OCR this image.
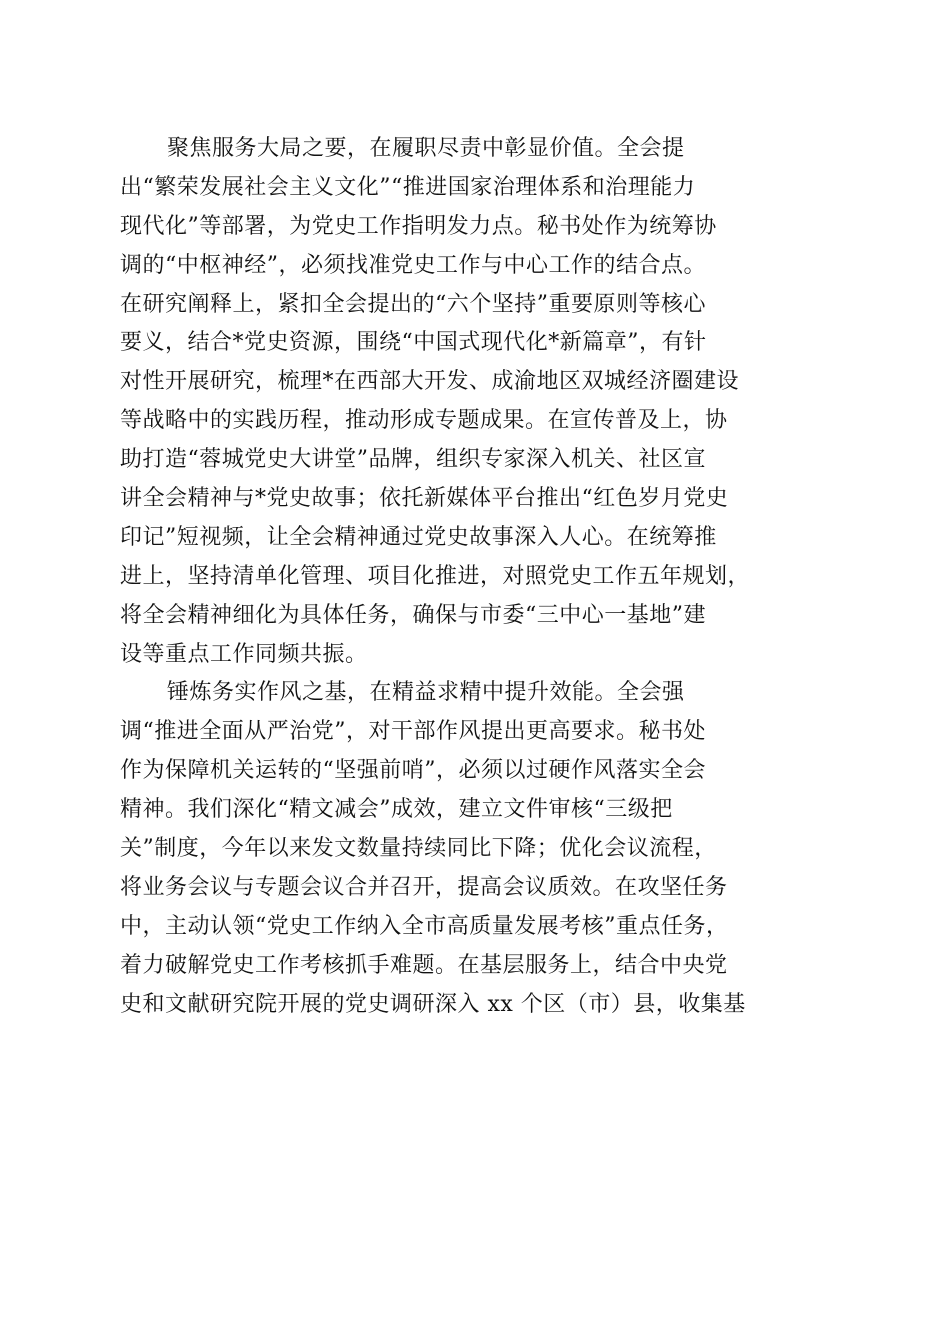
聚焦服务大局之要，在履职尽责中彰显价值。全会提
出“繁荣发展社会主义文化”“推进国家治理体系和治理能力
现代化”等部署，为党史工作指明发力点。秘书处作为统筹协
调的“中枢神经”，必须找准党史工作与中心工作的结合点。
在研究阐释上，紧扣全会提出的“六个坚持”重要原则等核心
要义，结合*党史资源，围绕“中国式现代化*新篇章”，有针
对性开展研究，梳理*在西部大开发、成渝地区双城经济圈建设
等战略中的实践历程，推动形成专题成果。在宣传普及上，协
助打造“蓉城党史大讲堂”品牌，组织专家深入机关、社区宣
讲全会精神与*党史故事；依托新媒体平台推出“红色岁月党史
印记”短视频，让全会精神通过党史故事深入人心。在统筹推
进上，坚持清单化管理、项目化推进，对照党史工作五年规划，
将全会精神细化为具体任务，确保与市委“三中心一基地”建
设等重点工作同频共振。
锤炼务实作风之基，在精益求精中提升效能。全会强
调“推进全面从严治党”，对干部作风提出更高要求。秘书处
作为保障机关运转的“坚强前哨”，必须以过硬作风落实全会
精神。我们深化“精文减会”成效，建立文件审核“三级把
关”制度，今年以来发文数量持续同比下降；优化会议流程，
将业务会议与专题会议合并召开，提高会议质效。在攻坚任务
中，主动认领“党史工作纳入全市高质量发展考核”重点任务，
着力破解党史工作考核抓手难题。在基层服务上，结合中央党
史和文献研究院开展的党史调研深入 xx 个区（市）县，收集基
